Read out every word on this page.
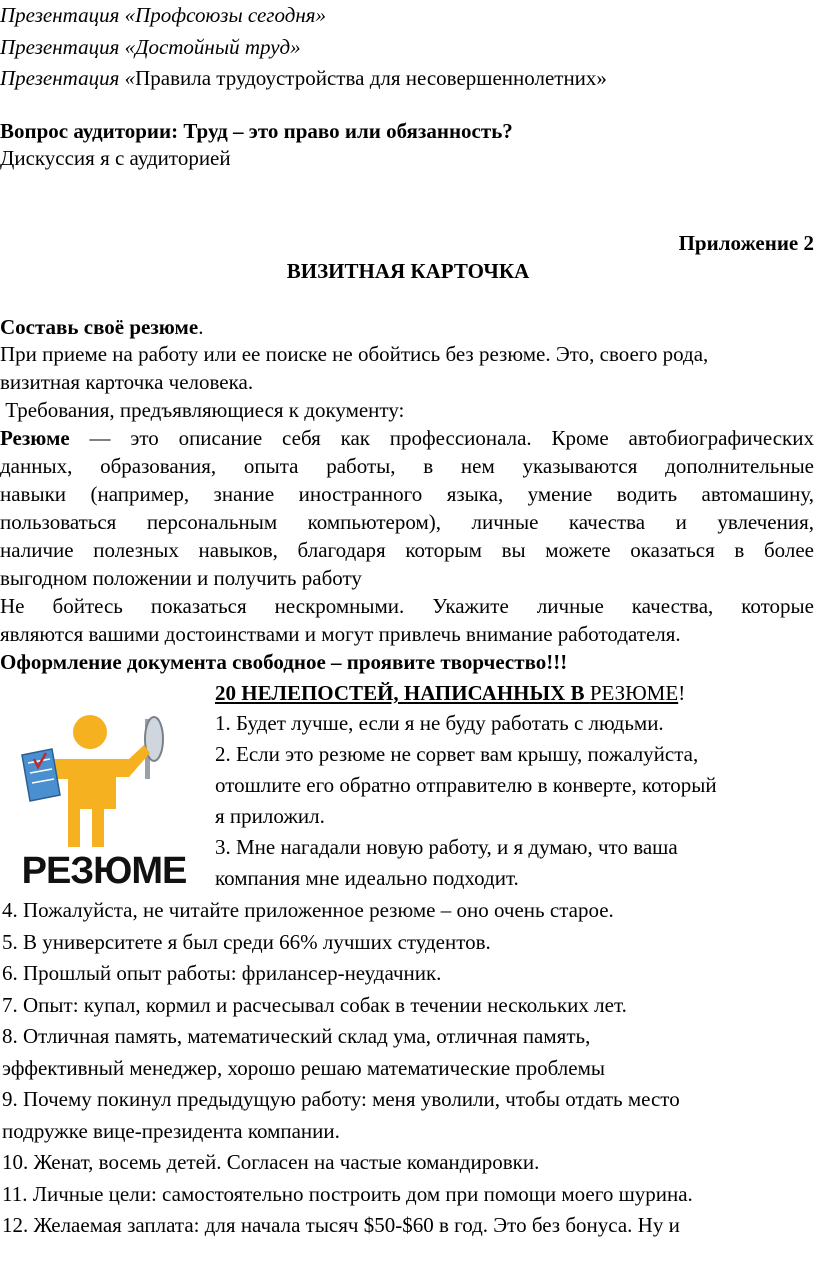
Презентация «Профсоюзы сегодня»
Презентация «Достойный труд»
Презентация «Правила трудоустройства для несовершеннолетних»
Вопрос аудитории: Труд – это право или обязанность?
Дискуссия я с аудиторией
Приложение 2
ВИЗИТНАЯ КАРТОЧКА
Составь своё резюме.
При приеме на работу или ее поиске не обойтись без резюме. Это, своего рода,
визитная карточка человека.
Требования, предъявляющиеся к документу:
Резюме — это описание себя как профессионала. Кроме автобиографических
данных, образования, опыта работы, в нем указываются дополнительные
навыки (например, знание иностранного языка, умение водить автомашину,
пользоваться персональным компьютером), личные качества и увлечения,
наличие полезных навыков, благодаря которым вы можете оказаться в более
выгодном положении и получить работу
Не бойтесь показаться нескромными. Укажите личные качества, которые
являются вашими достоинствами и могут привлечь внимание работодателя.
Оформление документа свободное – проявите творчество!!!
20 НЕЛЕПОСТЕЙ, НАПИСАННЫХ В РЕЗЮМЕ!
РЕЗЮМЕ
1. Будет лучше, если я не буду работать с людьми.
2. Если это резюме не сорвет вам крышу, пожалуйста,
отошлите его обратно отправителю в конверте, который
я приложил.
3. Мне нагадали новую работу, и я думаю, что ваша
компания мне идеально подходит.
4. Пожалуйста, не читайте приложенное резюме – оно очень старое.
5. В университете я был среди 66% лучших студентов.
6. Прошлый опыт работы: фрилансер-неудачник.
7. Опыт: купал, кормил и расчесывал собак в течении нескольких лет.
8. Отличная память, математический склад ума, отличная память,
эффективный менеджер, хорошо решаю математические проблемы
9. Почему покинул предыдущую работу: меня уволили, чтобы отдать место
подружке вице-президента компании.
10. Женат, восемь детей. Согласен на частые командировки.
11. Личные цели: самостоятельно построить дом при помощи моего шурина.
12. Желаемая заплата: для начала тысяч $50-$60 в год. Это без бонуса. Ну и
